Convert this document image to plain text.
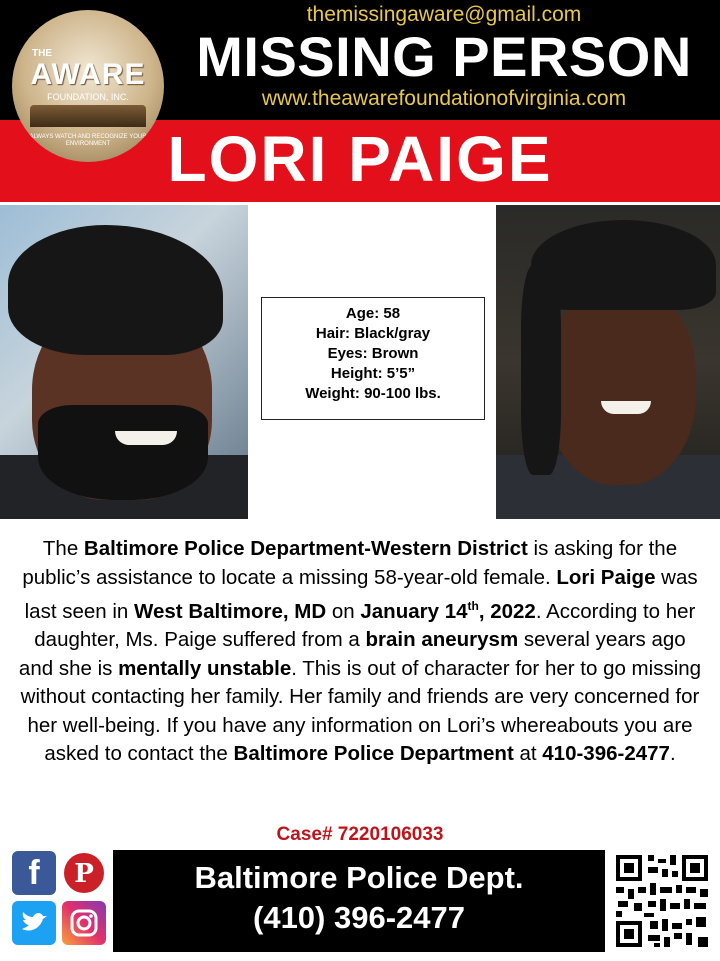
themissingaware@gmail.com
MISSING PERSON
www.theawarefoundationofvirginia.com
LORI PAIGE
THE
AWARE
FOUNDATION, INC.
ALWAYS WATCH AND RECOGNIZE YOUR ENVIRONMENT
Age: 58
Hair: Black/gray
Eyes: Brown
Height: 5’5”
Weight: 90-100 lbs.
The Baltimore Police Department-Western District is asking for the public’s assistance to locate a missing 58-year-old female. Lori Paige was last seen in West Baltimore, MD on January 14th, 2022. According to her daughter, Ms. Paige suffered from a brain aneurysm several years ago and she is mentally unstable. This is out of character for her to go missing without contacting her family. Her family and friends are very concerned for her well-being. If you have any information on Lori’s whereabouts you are asked to contact the Baltimore Police Department at 410-396-2477.
Case# 7220106033
f	P	Baltimore Police Dept.
(410) 396-2477
